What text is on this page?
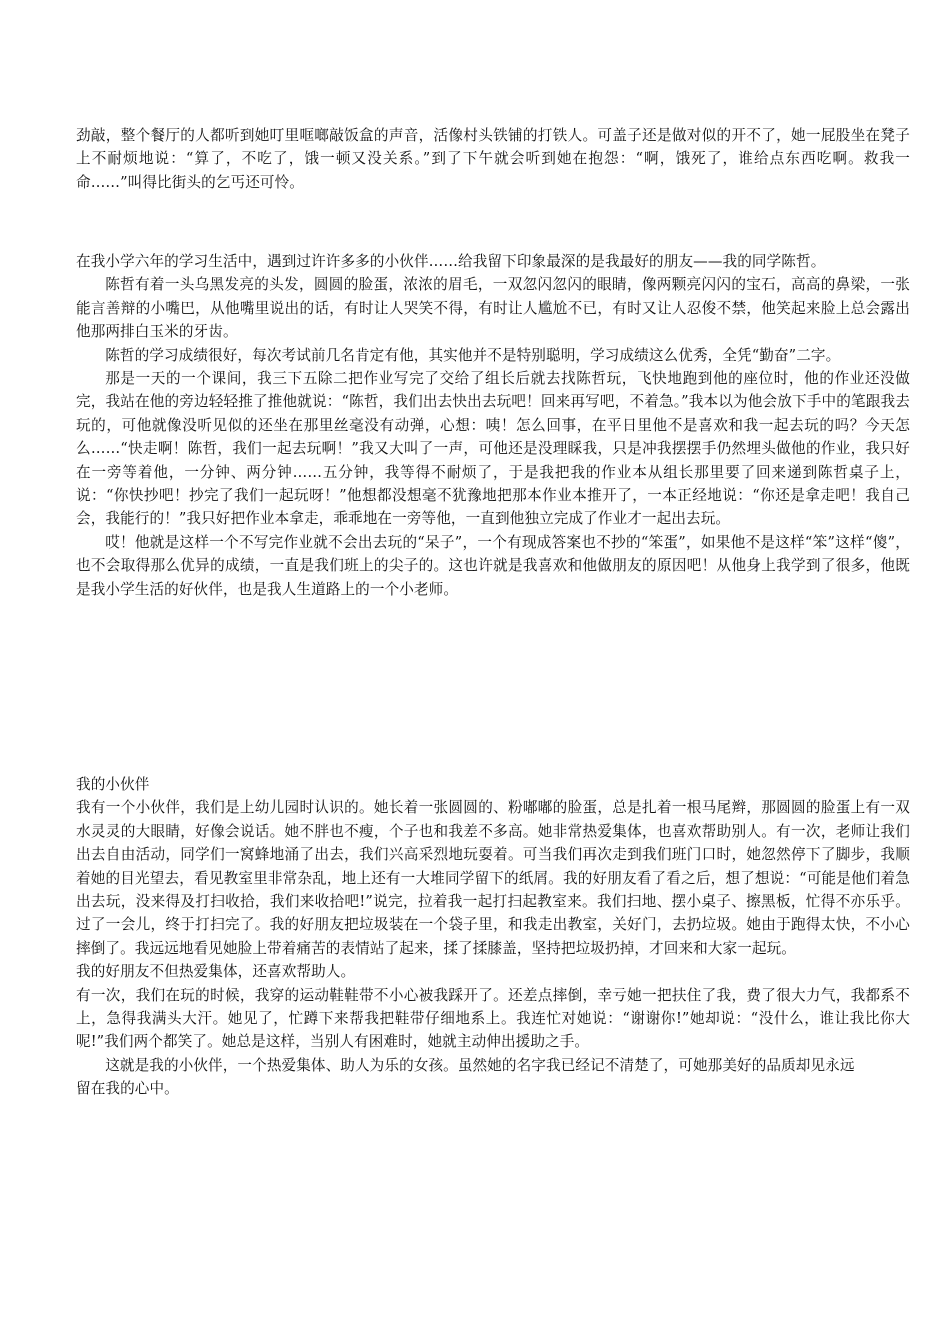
劲敲，整个餐厅的人都听到她叮里哐啷敲饭盒的声音，活像村头铁铺的打铁人。可盖子还是做对似的开不了，她一屁股坐在凳子上不耐烦地说：“算了，不吃了，饿一顿又没关系。”到了下午就会听到她在抱怨：“啊，饿死了，谁给点东西吃啊。救我一命……”叫得比街头的乞丐还可怜。

在我小学六年的学习生活中，遇到过许许多多的小伙伴……给我留下印象最深的是我最好的朋友——我的同学陈哲。

陈哲有着一头乌黑发亮的头发，圆圆的脸蛋，浓浓的眉毛，一双忽闪忽闪的眼睛，像两颗亮闪闪的宝石，高高的鼻梁，一张能言善辩的小嘴巴，从他嘴里说出的话，有时让人哭笑不得，有时让人尴尬不已，有时又让人忍俊不禁，他笑起来脸上总会露出他那两排白玉米的牙齿。

陈哲的学习成绩很好，每次考试前几名肯定有他，其实他并不是特别聪明，学习成绩这么优秀，全凭“勤奋”二字。

那是一天的一个课间，我三下五除二把作业写完了交给了组长后就去找陈哲玩，飞快地跑到他的座位时，他的作业还没做完，我站在他的旁边轻轻推了推他就说：“陈哲，我们出去快出去玩吧！回来再写吧，不着急。”我本以为他会放下手中的笔跟我去玩的，可他就像没听见似的还坐在那里丝毫没有动弹，心想：咦！怎么回事，在平日里他不是喜欢和我一起去玩的吗？今天怎么……“快走啊！陈哲，我们一起去玩啊！”我又大叫了一声，可他还是没理睬我，只是冲我摆摆手仍然埋头做他的作业，我只好在一旁等着他，一分钟、两分钟……五分钟，我等得不耐烦了，于是我把我的作业本从组长那里要了回来递到陈哲桌子上，说：“你快抄吧！抄完了我们一起玩呀！”他想都没想毫不犹豫地把那本作业本推开了，一本正经地说：“你还是拿走吧！我自己会，我能行的！”我只好把作业本拿走，乖乖地在一旁等他，一直到他独立完成了作业才一起出去玩。

哎！他就是这样一个不写完作业就不会出去玩的“呆子”，一个有现成答案也不抄的“笨蛋”，如果他不是这样“笨”这样“傻”，也不会取得那么优异的成绩，一直是我们班上的尖子的。这也许就是我喜欢和他做朋友的原因吧！从他身上我学到了很多，他既是我小学生活的好伙伴，也是我人生道路上的一个小老师。

我的小伙伴

我有一个小伙伴，我们是上幼儿园时认识的。她长着一张圆圆的、粉嘟嘟的脸蛋，总是扎着一根马尾辫，那圆圆的脸蛋上有一双水灵灵的大眼睛，好像会说话。她不胖也不瘦，个子也和我差不多高。她非常热爱集体，也喜欢帮助别人。有一次，老师让我们出去自由活动，同学们一窝蜂地涌了出去，我们兴高采烈地玩耍着。可当我们再次走到我们班门口时，她忽然停下了脚步，我顺着她的目光望去，看见教室里非常杂乱，地上还有一大堆同学留下的纸屑。我的好朋友看了看之后，想了想说：“可能是他们着急出去玩，没来得及打扫收拾，我们来收拾吧!”说完，拉着我一起打扫起教室来。我们扫地、摆小桌子、擦黑板，忙得不亦乐乎。过了一会儿，终于打扫完了。我的好朋友把垃圾装在一个袋子里，和我走出教室，关好门，去扔垃圾。她由于跑得太快，不小心摔倒了。我远远地看见她脸上带着痛苦的表情站了起来，揉了揉膝盖，坚持把垃圾扔掉，才回来和大家一起玩。

我的好朋友不但热爱集体，还喜欢帮助人。

有一次，我们在玩的时候，我穿的运动鞋鞋带不小心被我踩开了。还差点摔倒，幸亏她一把扶住了我，费了很大力气，我都系不上，急得我满头大汗。她见了，忙蹲下来帮我把鞋带仔细地系上。我连忙对她说：“谢谢你!”她却说：“没什么，谁让我比你大呢!”我们两个都笑了。她总是这样，当别人有困难时，她就主动伸出援助之手。

这就是我的小伙伴，一个热爱集体、助人为乐的女孩。虽然她的名字我已经记不清楚了，可她那美好的品质却见永远

留在我的心中。
